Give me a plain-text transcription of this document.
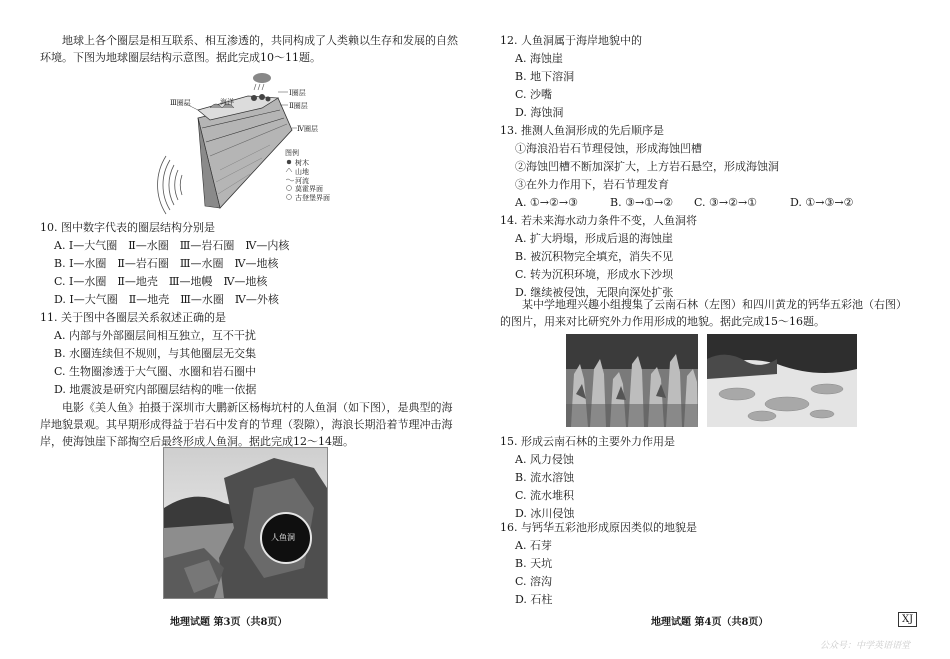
地球上各个圈层是相互联系、相互渗透的，共同构成了人类赖以生存和发展的自然环境。下图为地球圈层结构示意图。据此完成10～11题。
Ⅲ圈层	海洋
Ⅰ圈层
Ⅱ圈层
Ⅳ圈层
图例
树木
山地
河流
莫霍界面
古登堡界面
10. 图中数字代表的圈层结构分别是
A. Ⅰ—大气圈　Ⅱ—水圈　Ⅲ—岩石圈　Ⅳ—内核
B. Ⅰ—水圈　Ⅱ—岩石圈　Ⅲ—水圈　Ⅳ—地核
C. Ⅰ—水圈　Ⅱ—地壳　Ⅲ—地幔　Ⅳ—地核
D. Ⅰ—大气圈　Ⅱ—地壳　Ⅲ—水圈　Ⅳ—外核
11. 关于图中各圈层关系叙述正确的是
A. 内部与外部圈层间相互独立，互不干扰
B. 水圈连续但不规则，与其他圈层无交集
C. 生物圈渗透于大气圈、水圈和岩石圈中
D. 地震波是研究内部圈层结构的唯一依据
电影《美人鱼》拍摄于深圳市大鹏新区杨梅坑村的人鱼洞（如下图），是典型的海岸地貌景观。其早期形成得益于岩石中发育的节理（裂隙），海浪长期沿着节理冲击海岸，使海蚀崖下部掏空后最终形成人鱼洞。据此完成12～14题。
人鱼洞
地理试题 第3页（共8页）
12. 人鱼洞属于海岸地貌中的
A. 海蚀崖
B. 地下溶洞
C. 沙嘴
D. 海蚀洞
13. 推测人鱼洞形成的先后顺序是
①海浪沿岩石节理侵蚀，形成海蚀凹槽
②海蚀凹槽不断加深扩大，上方岩石悬空，形成海蚀洞
③在外力作用下，岩石节理发育
A. ①→②→③	B. ③→①→② C. ③→②→①	D. ①→③→②
14. 若未来海水动力条件不变，人鱼洞将
A. 扩大坍塌，形成后退的海蚀崖
B. 被沉积物完全填充，消失不见
C. 转为沉积环境，形成水下沙坝
D. 继续被侵蚀，无限向深处扩张
某中学地理兴趣小组搜集了云南石林（左图）和四川黄龙的钙华五彩池（右图）的图片，用来对比研究外力作用形成的地貌。据此完成15～16题。
15. 形成云南石林的主要外力作用是
A. 风力侵蚀
B. 流水溶蚀
C. 流水堆积
D. 冰川侵蚀
16. 与钙华五彩池形成原因类似的地貌是
A. 石芽
B. 天坑
C. 溶沟
D. 石柱
地理试题 第4页（共8页）	XJ
公众号：中学英语语堂
